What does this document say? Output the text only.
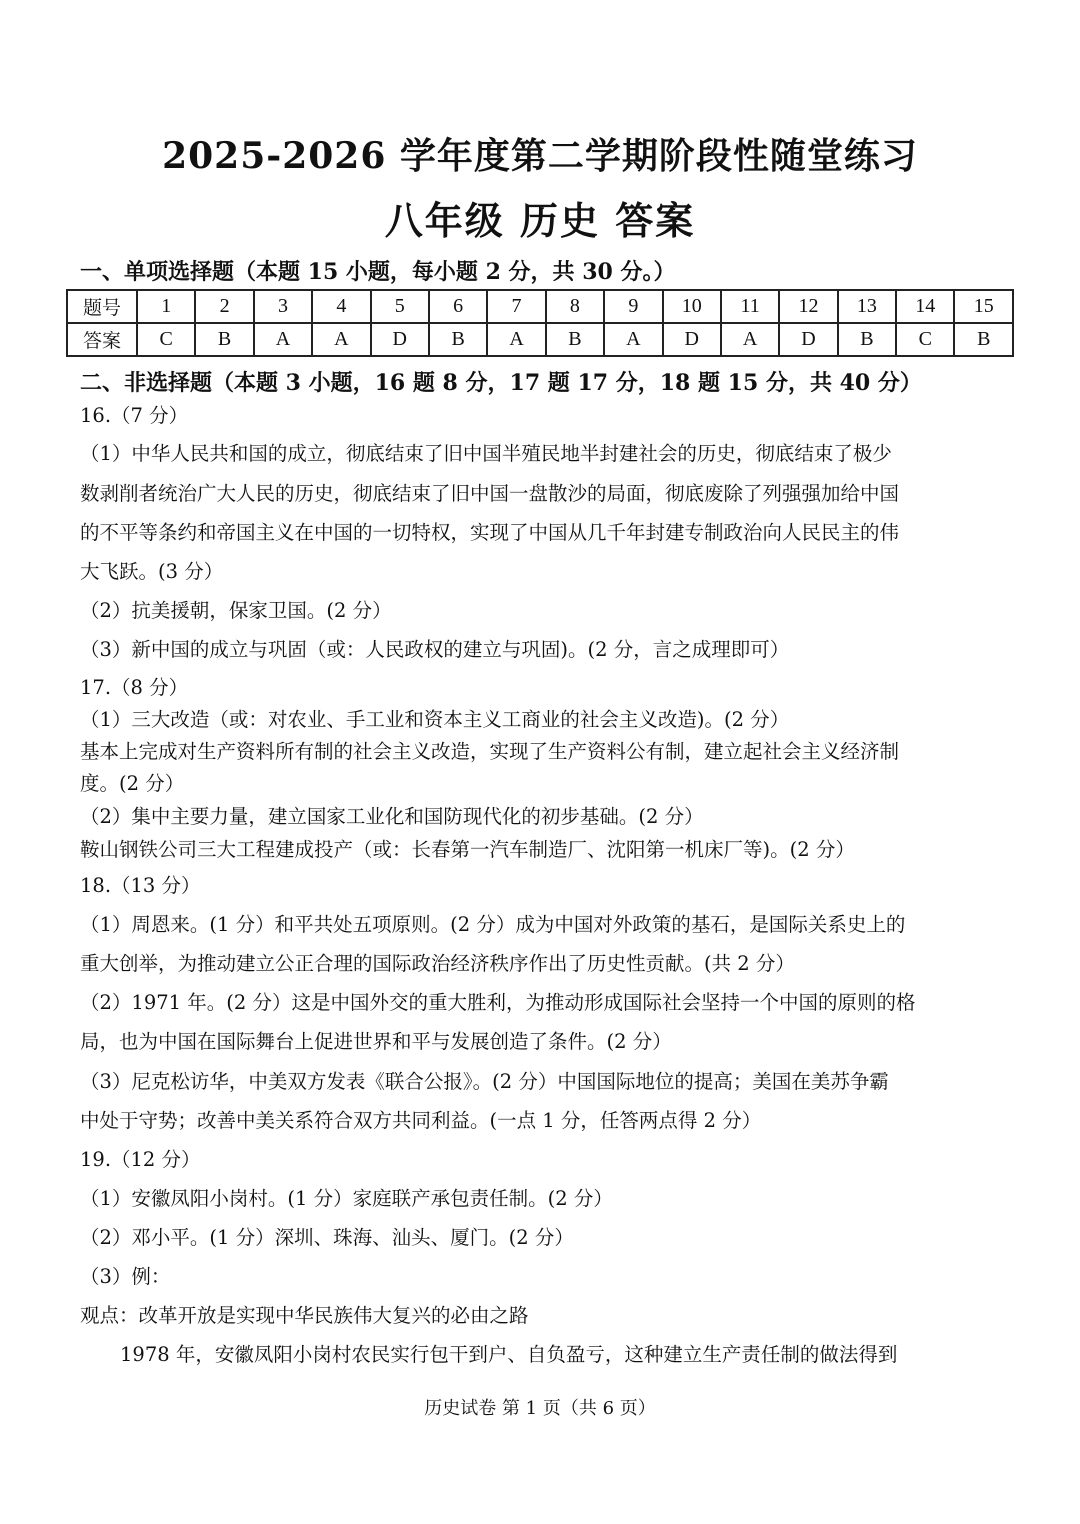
2025-2026 学年度第二学期阶段性随堂练习
八年级 历史 答案
一、单项选择题（本题 15 小题，每小题 2 分，共 30 分。）
题号	1	2	3	4	5	6	7	8	9	10	11	12	13	14	15
答案	C	B	A	A	D	B	A	B	A	D	A	D	B	C	B
二、非选择题（本题 3 小题，16 题 8 分，17 题 17 分，18 题 15 分，共 40 分）
16.（7 分）
（1）中华人民共和国的成立，彻底结束了旧中国半殖民地半封建社会的历史，彻底结束了极少
数剥削者统治广大人民的历史，彻底结束了旧中国一盘散沙的局面，彻底废除了列强强加给中国
的不平等条约和帝国主义在中国的一切特权，实现了中国从几千年封建专制政治向人民民主的伟
大飞跃。(3 分）
（2）抗美援朝，保家卫国。(2 分）
（3）新中国的成立与巩固（或：人民政权的建立与巩固)。(2 分，言之成理即可）
17.（8 分）
（1）三大改造（或：对农业、手工业和资本主义工商业的社会主义改造)。(2 分）
基本上完成对生产资料所有制的社会主义改造，实现了生产资料公有制，建立起社会主义经济制
度。(2 分）
（2）集中主要力量，建立国家工业化和国防现代化的初步基础。(2 分）
鞍山钢铁公司三大工程建成投产（或：长春第一汽车制造厂、沈阳第一机床厂等)。(2 分）
18.（13 分）
（1）周恩来。(1 分）和平共处五项原则。(2 分）成为中国对外政策的基石，是国际关系史上的
重大创举，为推动建立公正合理的国际政治经济秩序作出了历史性贡献。(共 2 分）
（2）1971 年。(2 分）这是中国外交的重大胜利，为推动形成国际社会坚持一个中国的原则的格
局，也为中国在国际舞台上促进世界和平与发展创造了条件。(2 分）
（3）尼克松访华，中美双方发表《联合公报》。(2 分）中国国际地位的提高；美国在美苏争霸
中处于守势；改善中美关系符合双方共同利益。(一点 1 分，任答两点得 2 分）
19.（12 分）
（1）安徽凤阳小岗村。(1 分）家庭联产承包责任制。(2 分）
（2）邓小平。(1 分）深圳、珠海、汕头、厦门。(2 分）
（3）例：
观点：改革开放是实现中华民族伟大复兴的必由之路
1978 年，安徽凤阳小岗村农民实行包干到户、自负盈亏，这种建立生产责任制的做法得到
历史试卷 第 1 页（共 6 页）
